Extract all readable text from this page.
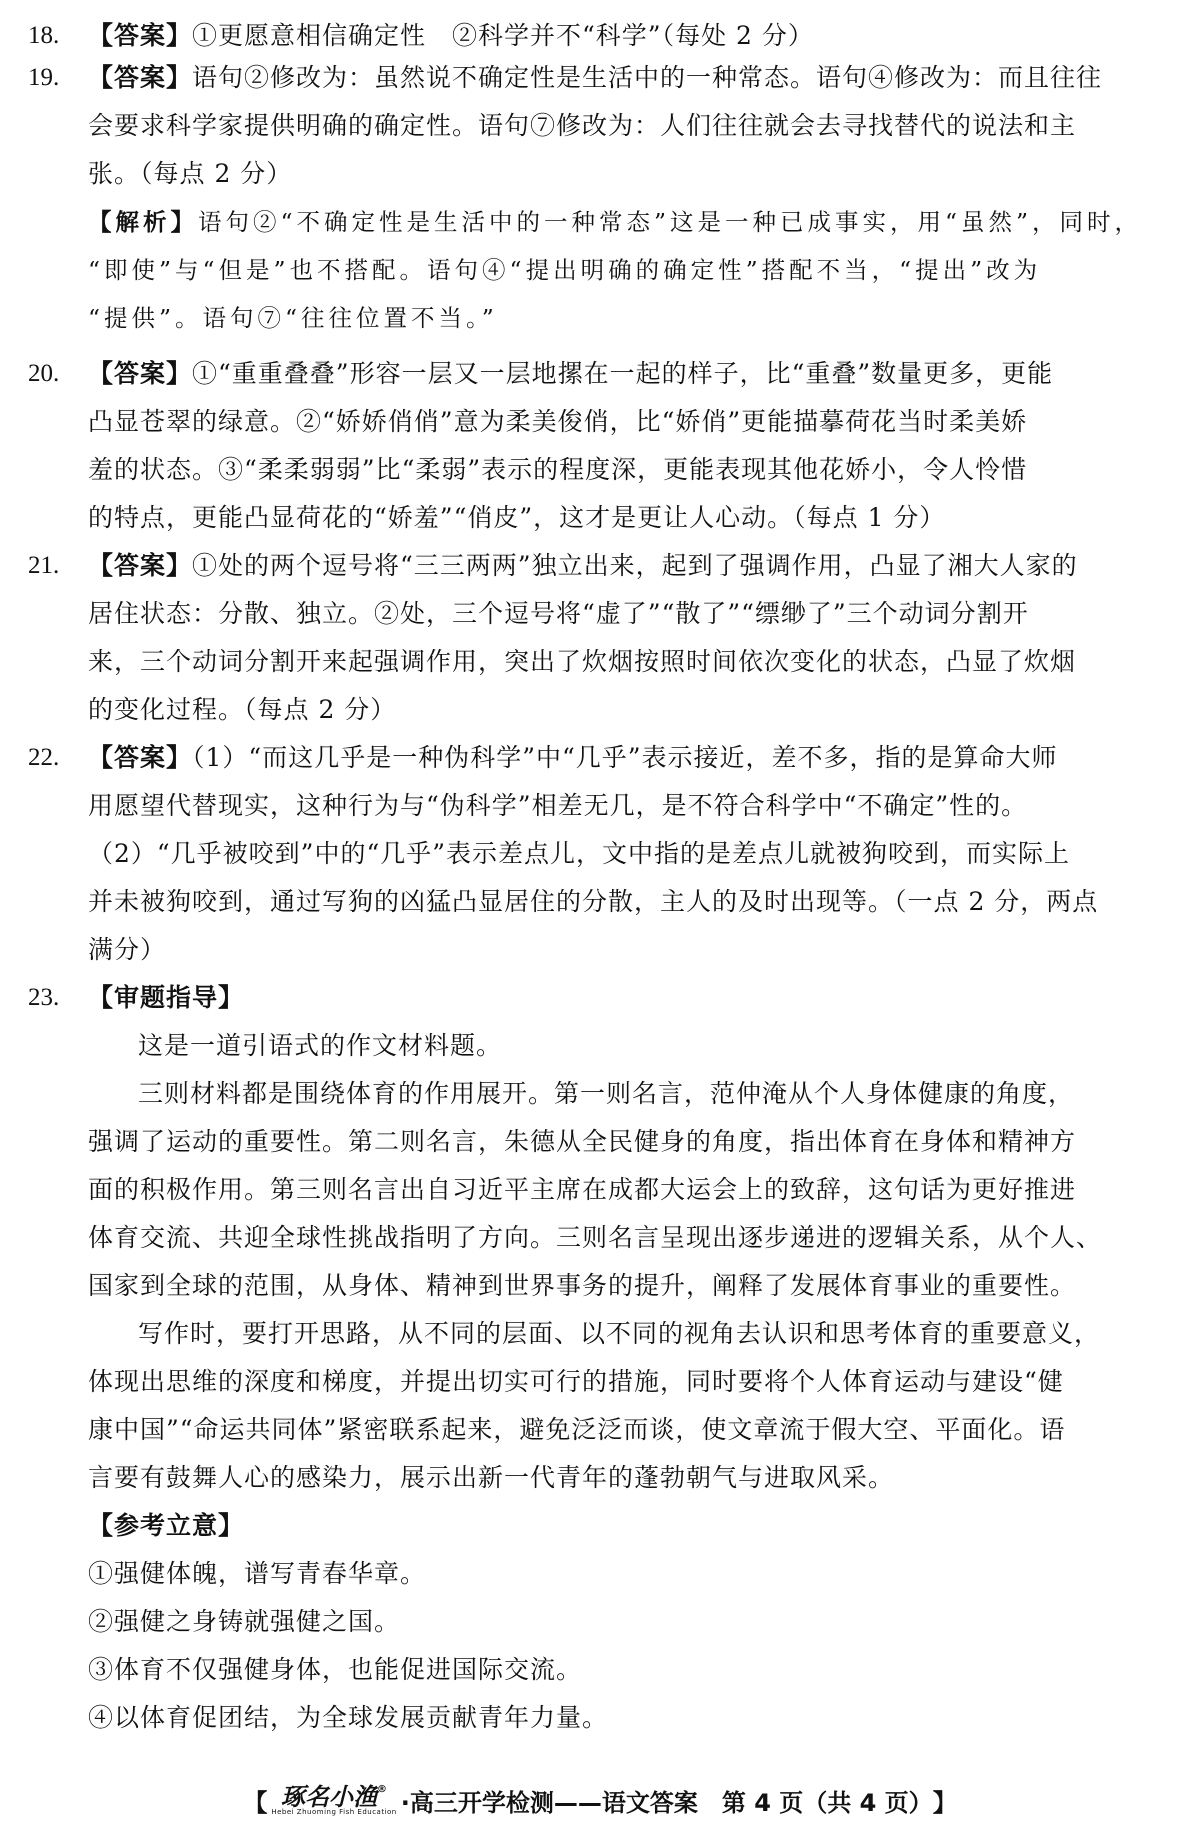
18.	【答案】①更愿意相信确定性　②科学并不“科学”（每处 2 分）
19.	【答案】语句②修改为：虽然说不确定性是生活中的一种常态。语句④修改为：而且往往
会要求科学家提供明确的确定性。语句⑦修改为：人们往往就会去寻找替代的说法和主
张。（每点 2 分）
【解析】语句②“不确定性是生活中的一种常态”这是一种已成事实，用“虽然”，同时，
“即使”与“但是”也不搭配。语句④“提出明确的确定性”搭配不当，“提出”改为
“提供”。语句⑦“往往位置不当。”
20.	【答案】①“重重叠叠”形容一层又一层地摞在一起的样子，比“重叠”数量更多，更能
凸显苍翠的绿意。②“娇娇俏俏”意为柔美俊俏，比“娇俏”更能描摹荷花当时柔美娇
羞的状态。③“柔柔弱弱”比“柔弱”表示的程度深，更能表现其他花娇小，令人怜惜
的特点，更能凸显荷花的“娇羞”“俏皮”，这才是更让人心动。（每点 1 分）
21.	【答案】①处的两个逗号将“三三两两”独立出来，起到了强调作用，凸显了湘大人家的
居住状态：分散、独立。②处，三个逗号将“虚了”“散了”“缥缈了”三个动词分割开
来，三个动词分割开来起强调作用，突出了炊烟按照时间依次变化的状态，凸显了炊烟
的变化过程。（每点 2 分）
22.	【答案】（1）“而这几乎是一种伪科学”中“几乎”表示接近，差不多，指的是算命大师
用愿望代替现实，这种行为与“伪科学”相差无几，是不符合科学中“不确定”性的。
（2）“几乎被咬到”中的“几乎”表示差点儿，文中指的是差点儿就被狗咬到，而实际上
并未被狗咬到，通过写狗的凶猛凸显居住的分散，主人的及时出现等。（一点 2 分，两点
满分）
23.	【审题指导】
这是一道引语式的作文材料题。
三则材料都是围绕体育的作用展开。第一则名言，范仲淹从个人身体健康的角度，
强调了运动的重要性。第二则名言，朱德从全民健身的角度，指出体育在身体和精神方
面的积极作用。第三则名言出自习近平主席在成都大运会上的致辞，这句话为更好推进
体育交流、共迎全球性挑战指明了方向。三则名言呈现出逐步递进的逻辑关系，从个人、
国家到全球的范围，从身体、精神到世界事务的提升，阐释了发展体育事业的重要性。
写作时，要打开思路，从不同的层面、以不同的视角去认识和思考体育的重要意义，
体现出思维的深度和梯度，并提出切实可行的措施，同时要将个人体育运动与建设“健
康中国”“命运共同体”紧密联系起来，避免泛泛而谈，使文章流于假大空、平面化。语
言要有鼓舞人心的感染力，展示出新一代青年的蓬勃朝气与进取风采。
【参考立意】
①强健体魄，谱写青春华章。
②强健之身铸就强健之国。
③体育不仅强健身体，也能促进国际交流。
④以体育促团结，为全球发展贡献青年力量。
【 琢名小渔®
Hebei Zhuoming Fish Education ·高三开学检测——语文答案　第 4 页（共 4 页） 】
